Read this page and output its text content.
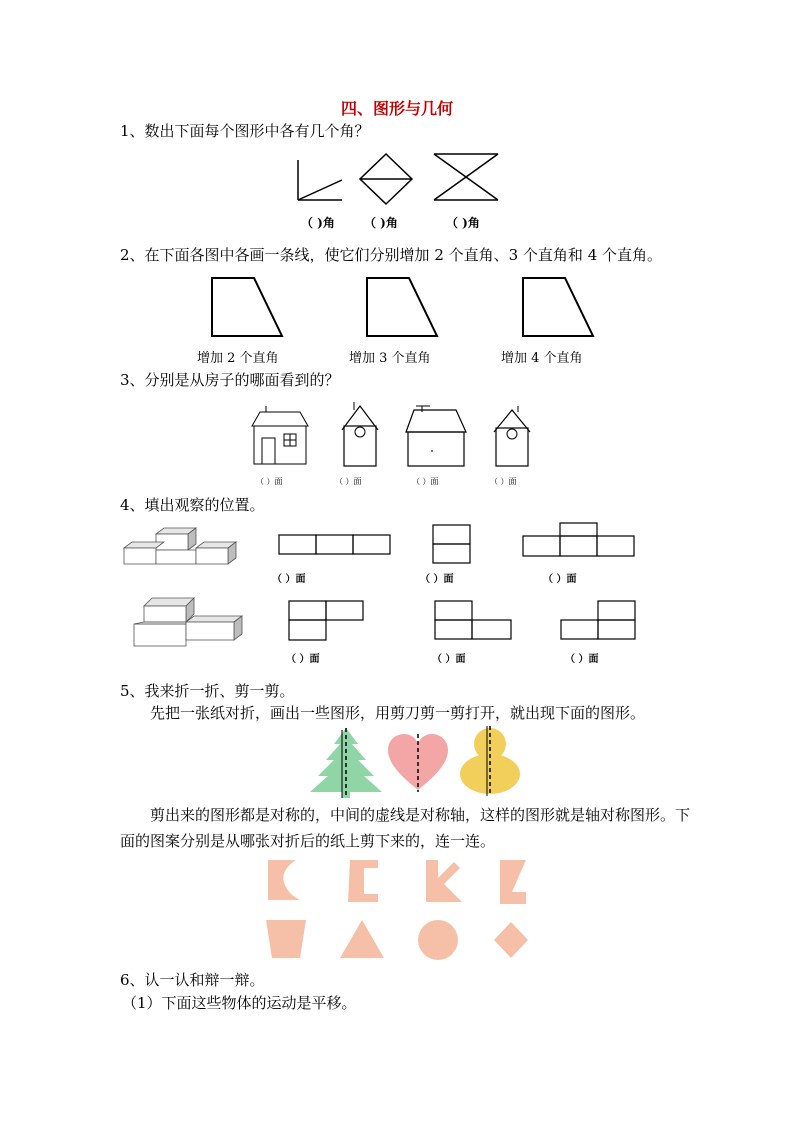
四、图形与几何
1、数出下面每个图形中各有几个角？
（ )角 （ )角	（ )角
2、在下面各图中各画一条线，使它们分别增加 2 个直角、3 个直角和 4 个直角。
增加 2 个直角	增加 3 个直角	增加 4 个直角
3、分别是从房子的哪面看到的？
（ ）面	（ ）面	（ ）面	（ ）面
4、填出观察的位置。
（ ）面	（ ）面	（ ）面
（ ）面	（ ）面	（ ）面
5、我来折一折、剪一剪。
先把一张纸对折，画出一些图形，用剪刀剪一剪打开，就出现下面的图形。
剪出来的图形都是对称的，中间的虚线是对称轴，这样的图形就是轴对称图形。下面的图案分别是从哪张对折后的纸上剪下来的，连一连。
6、认一认和辩一辩。
（1）下面这些物体的运动是平移。
